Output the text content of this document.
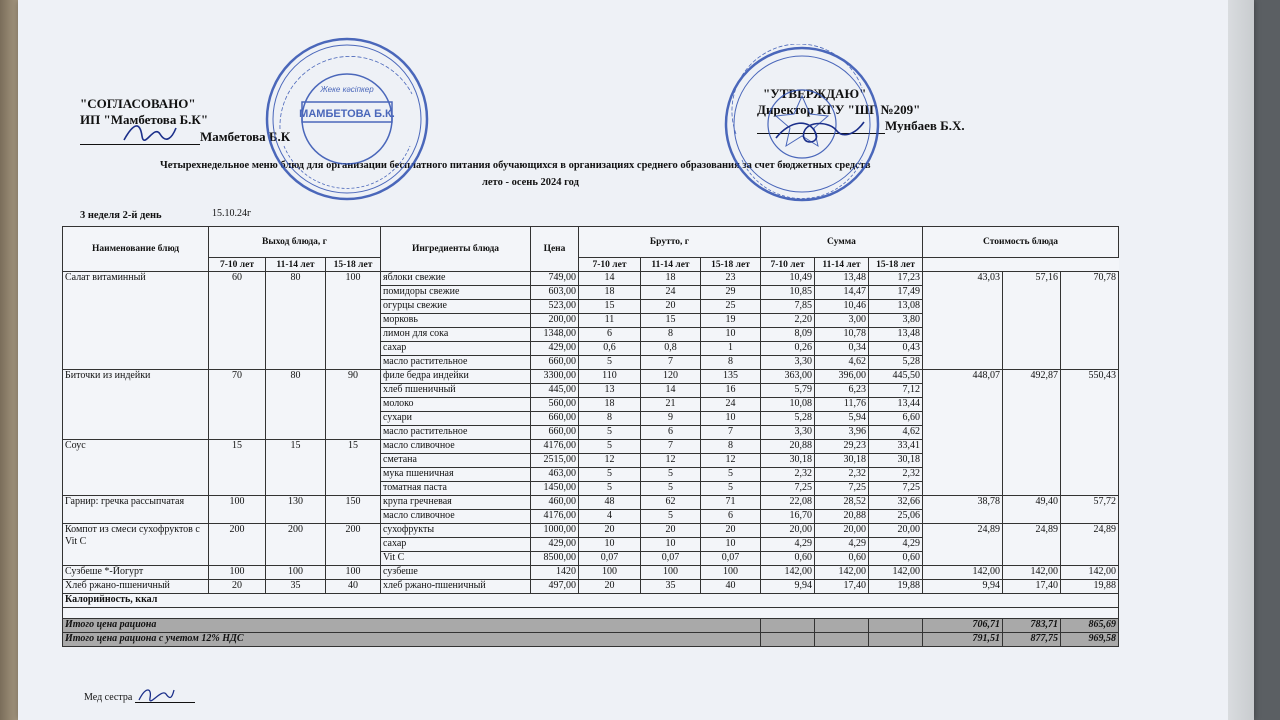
"СОГЛАСОВАНО"
ИП "Мамбетова Б.К"
Мамбетова Б.К
"УТВЕРЖДАЮ"
Директор КГУ "ШГ №209"
Мунбаев Б.Х.
Четырехнедельное меню блюд для организации бесплатного питания обучающихся в организациях среднего образования за счет бюджетных средств
лето - осень 2024 год
3 неделя 2-й день	15.10.24г
Наименование блюд	Выход блюда, г			Ингредиенты блюда	Цена	Брутто, г			Сумма			Стоимость блюда		
	7-10 лет	11-14 лет	15-18 лет			7-10 лет	11-14 лет	15-18 лет	7-10 лет	11-14 лет	15-18 лет			
Салат витаминный	60	80	100	яблоки свежие	749,00	14	18	23	10,49	13,48	17,23	43,03	57,16	70,78
				помидоры свежие	603,00	18	24	29	10,85	14,47	17,49			
				огурцы свежие	523,00	15	20	25	7,85	10,46	13,08			
				морковь	200,00	11	15	19	2,20	3,00	3,80			
				лимон для сока	1348,00	6	8	10	8,09	10,78	13,48			
				сахар	429,00	0,6	0,8	1	0,26	0,34	0,43			
				масло растительное	660,00	5	7	8	3,30	4,62	5,28			
Биточки из индейки	70	80	90	филе бедра индейки	3300,00	110	120	135	363,00	396,00	445,50	448,07	492,87	550,43
				хлеб пшеничный	445,00	13	14	16	5,79	6,23	7,12			
				молоко	560,00	18	21	24	10,08	11,76	13,44			
				сухари	660,00	8	9	10	5,28	5,94	6,60			
				масло растительное	660,00	5	6	7	3,30	3,96	4,62			
Соус	15	15	15	масло сливочное	4176,00	5	7	8	20,88	29,23	33,41			
				сметана	2515,00	12	12	12	30,18	30,18	30,18			
				мука пшеничная	463,00	5	5	5	2,32	2,32	2,32			
				томатная паста	1450,00	5	5	5	7,25	7,25	7,25			
Гарнир: гречка рассыпчатая	100	130	150	крупа гречневая	460,00	48	62	71	22,08	28,52	32,66	38,78	49,40	57,72
				масло сливочное	4176,00	4	5	6	16,70	20,88	25,06			
Компот из смеси сухофруктов с Vit C	200	200	200	сухофрукты	1000,00	20	20	20	20,00	20,00	20,00	24,89	24,89	24,89
				сахар	429,00	10	10	10	4,29	4,29	4,29			
				Vit C	8500,00	0,07	0,07	0,07	0,60	0,60	0,60			
Сузбеше *-Йогурт	100	100	100	сузбеше	1420	100	100	100	142,00	142,00	142,00	142,00	142,00	142,00
Хлеб ржано-пшеничный	20	35	40	хлеб ржано-пшеничный	497,00	20	35	40	9,94	17,40	19,88	9,94	17,40	19,88
Калорийность, ккал														

Итого цена рациона												706,71	783,71	865,69
Итого цена рациона с учетом 12% НДС												791,51	877,75	969,58
МАМБЕТОВА Б.К.
Жеке кәсіпкер
Мед сестра
